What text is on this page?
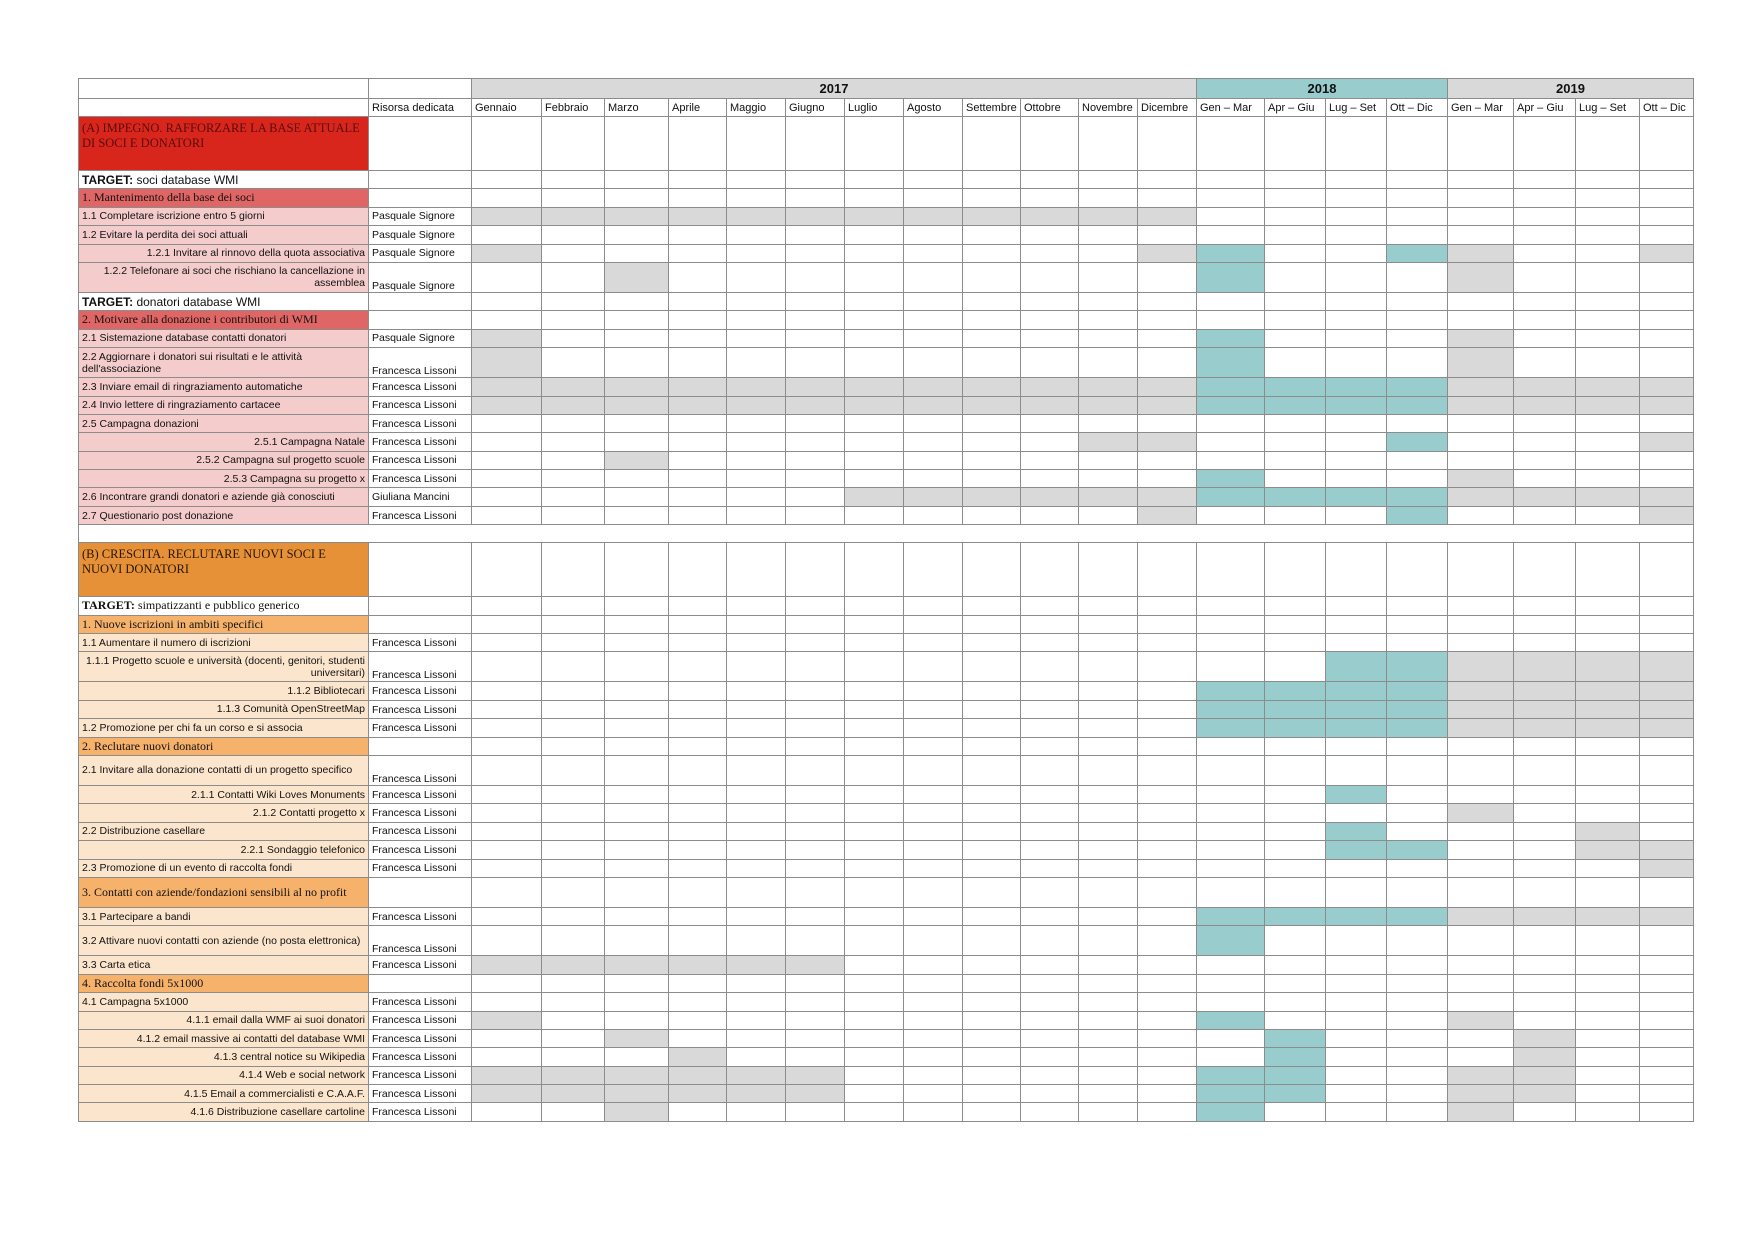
		2017												2018				2019			
	Risorsa dedicata	Gennaio	Febbraio	Marzo	Aprile	Maggio	Giugno	Luglio	Agosto	Settembre	Ottobre	Novembre	Dicembre	Gen – Mar	Apr – Giu	Lug – Set	Ott – Dic	Gen – Mar	Apr – Giu	Lug – Set	Ott – Dic
(A) IMPEGNO. RAFFORZARE LA BASE ATTUALE DI SOCI E DONATORI																					
TARGET: soci database WMI																					
1. Mantenimento della base dei soci																					
1.1 Completare iscrizione entro 5 giorni	Pasquale Signore																				
1.2 Evitare la perdita dei soci attuali	Pasquale Signore																				
1.2.1 Invitare al rinnovo della quota associativa	Pasquale Signore																				
1.2.2 Telefonare ai soci che rischiano la cancellazione in assemblea	Pasquale Signore																				
TARGET: donatori database WMI																					
2. Motivare alla donazione i contributori di WMI																					
2.1 Sistemazione database contatti donatori	Pasquale Signore																				
2.2 Aggiornare i donatori sui risultati e le attività dell'associazione	Francesca Lissoni																				
2.3 Inviare email di ringraziamento automatiche	Francesca Lissoni																				
2.4 Invio lettere di ringraziamento cartacee	Francesca Lissoni																				
2.5 Campagna donazioni	Francesca Lissoni																				
2.5.1 Campagna Natale	Francesca Lissoni																				
2.5.2 Campagna sul progetto scuole	Francesca Lissoni																				
2.5.3 Campagna su progetto x	Francesca Lissoni																				
2.6 Incontrare grandi donatori e aziende già conosciuti	Giuliana Mancini																				
2.7 Questionario post donazione	Francesca Lissoni																				

(B) CRESCITA. RECLUTARE NUOVI SOCI E NUOVI DONATORI																					
TARGET: simpatizzanti e pubblico generico																					
1. Nuove iscrizioni in ambiti specifici																					
1.1 Aumentare il numero di iscrizioni	Francesca Lissoni																				
1.1.1 Progetto scuole e università (docenti, genitori, studenti universitari)	Francesca Lissoni																				
1.1.2 Bibliotecari	Francesca Lissoni																				
1.1.3 Comunità OpenStreetMap	Francesca Lissoni																				
1.2 Promozione per chi fa un corso e si associa	Francesca Lissoni																				
2. Reclutare nuovi donatori																					
2.1 Invitare alla donazione contatti di un progetto specifico	Francesca Lissoni																				
2.1.1 Contatti Wiki Loves Monuments	Francesca Lissoni																				
2.1.2 Contatti progetto x	Francesca Lissoni																				
2.2 Distribuzione casellare	Francesca Lissoni																				
2.2.1 Sondaggio telefonico	Francesca Lissoni																				
2.3 Promozione di un evento di raccolta fondi	Francesca Lissoni																				
3. Contatti con aziende/fondazioni sensibili al no profit																					
3.1 Partecipare a bandi	Francesca Lissoni																				
3.2 Attivare nuovi contatti con aziende (no posta elettronica)	Francesca Lissoni																				
3.3 Carta etica	Francesca Lissoni																				
4. Raccolta fondi 5x1000																					
4.1 Campagna 5x1000	Francesca Lissoni																				
4.1.1 email dalla WMF ai suoi donatori	Francesca Lissoni																				
4.1.2 email massive ai contatti del database WMI	Francesca Lissoni																				
4.1.3 central notice su Wikipedia	Francesca Lissoni																				
4.1.4 Web e social network	Francesca Lissoni																				
4.1.5 Email a commercialisti e C.A.A.F.	Francesca Lissoni																				
4.1.6 Distribuzione casellare cartoline	Francesca Lissoni																				
